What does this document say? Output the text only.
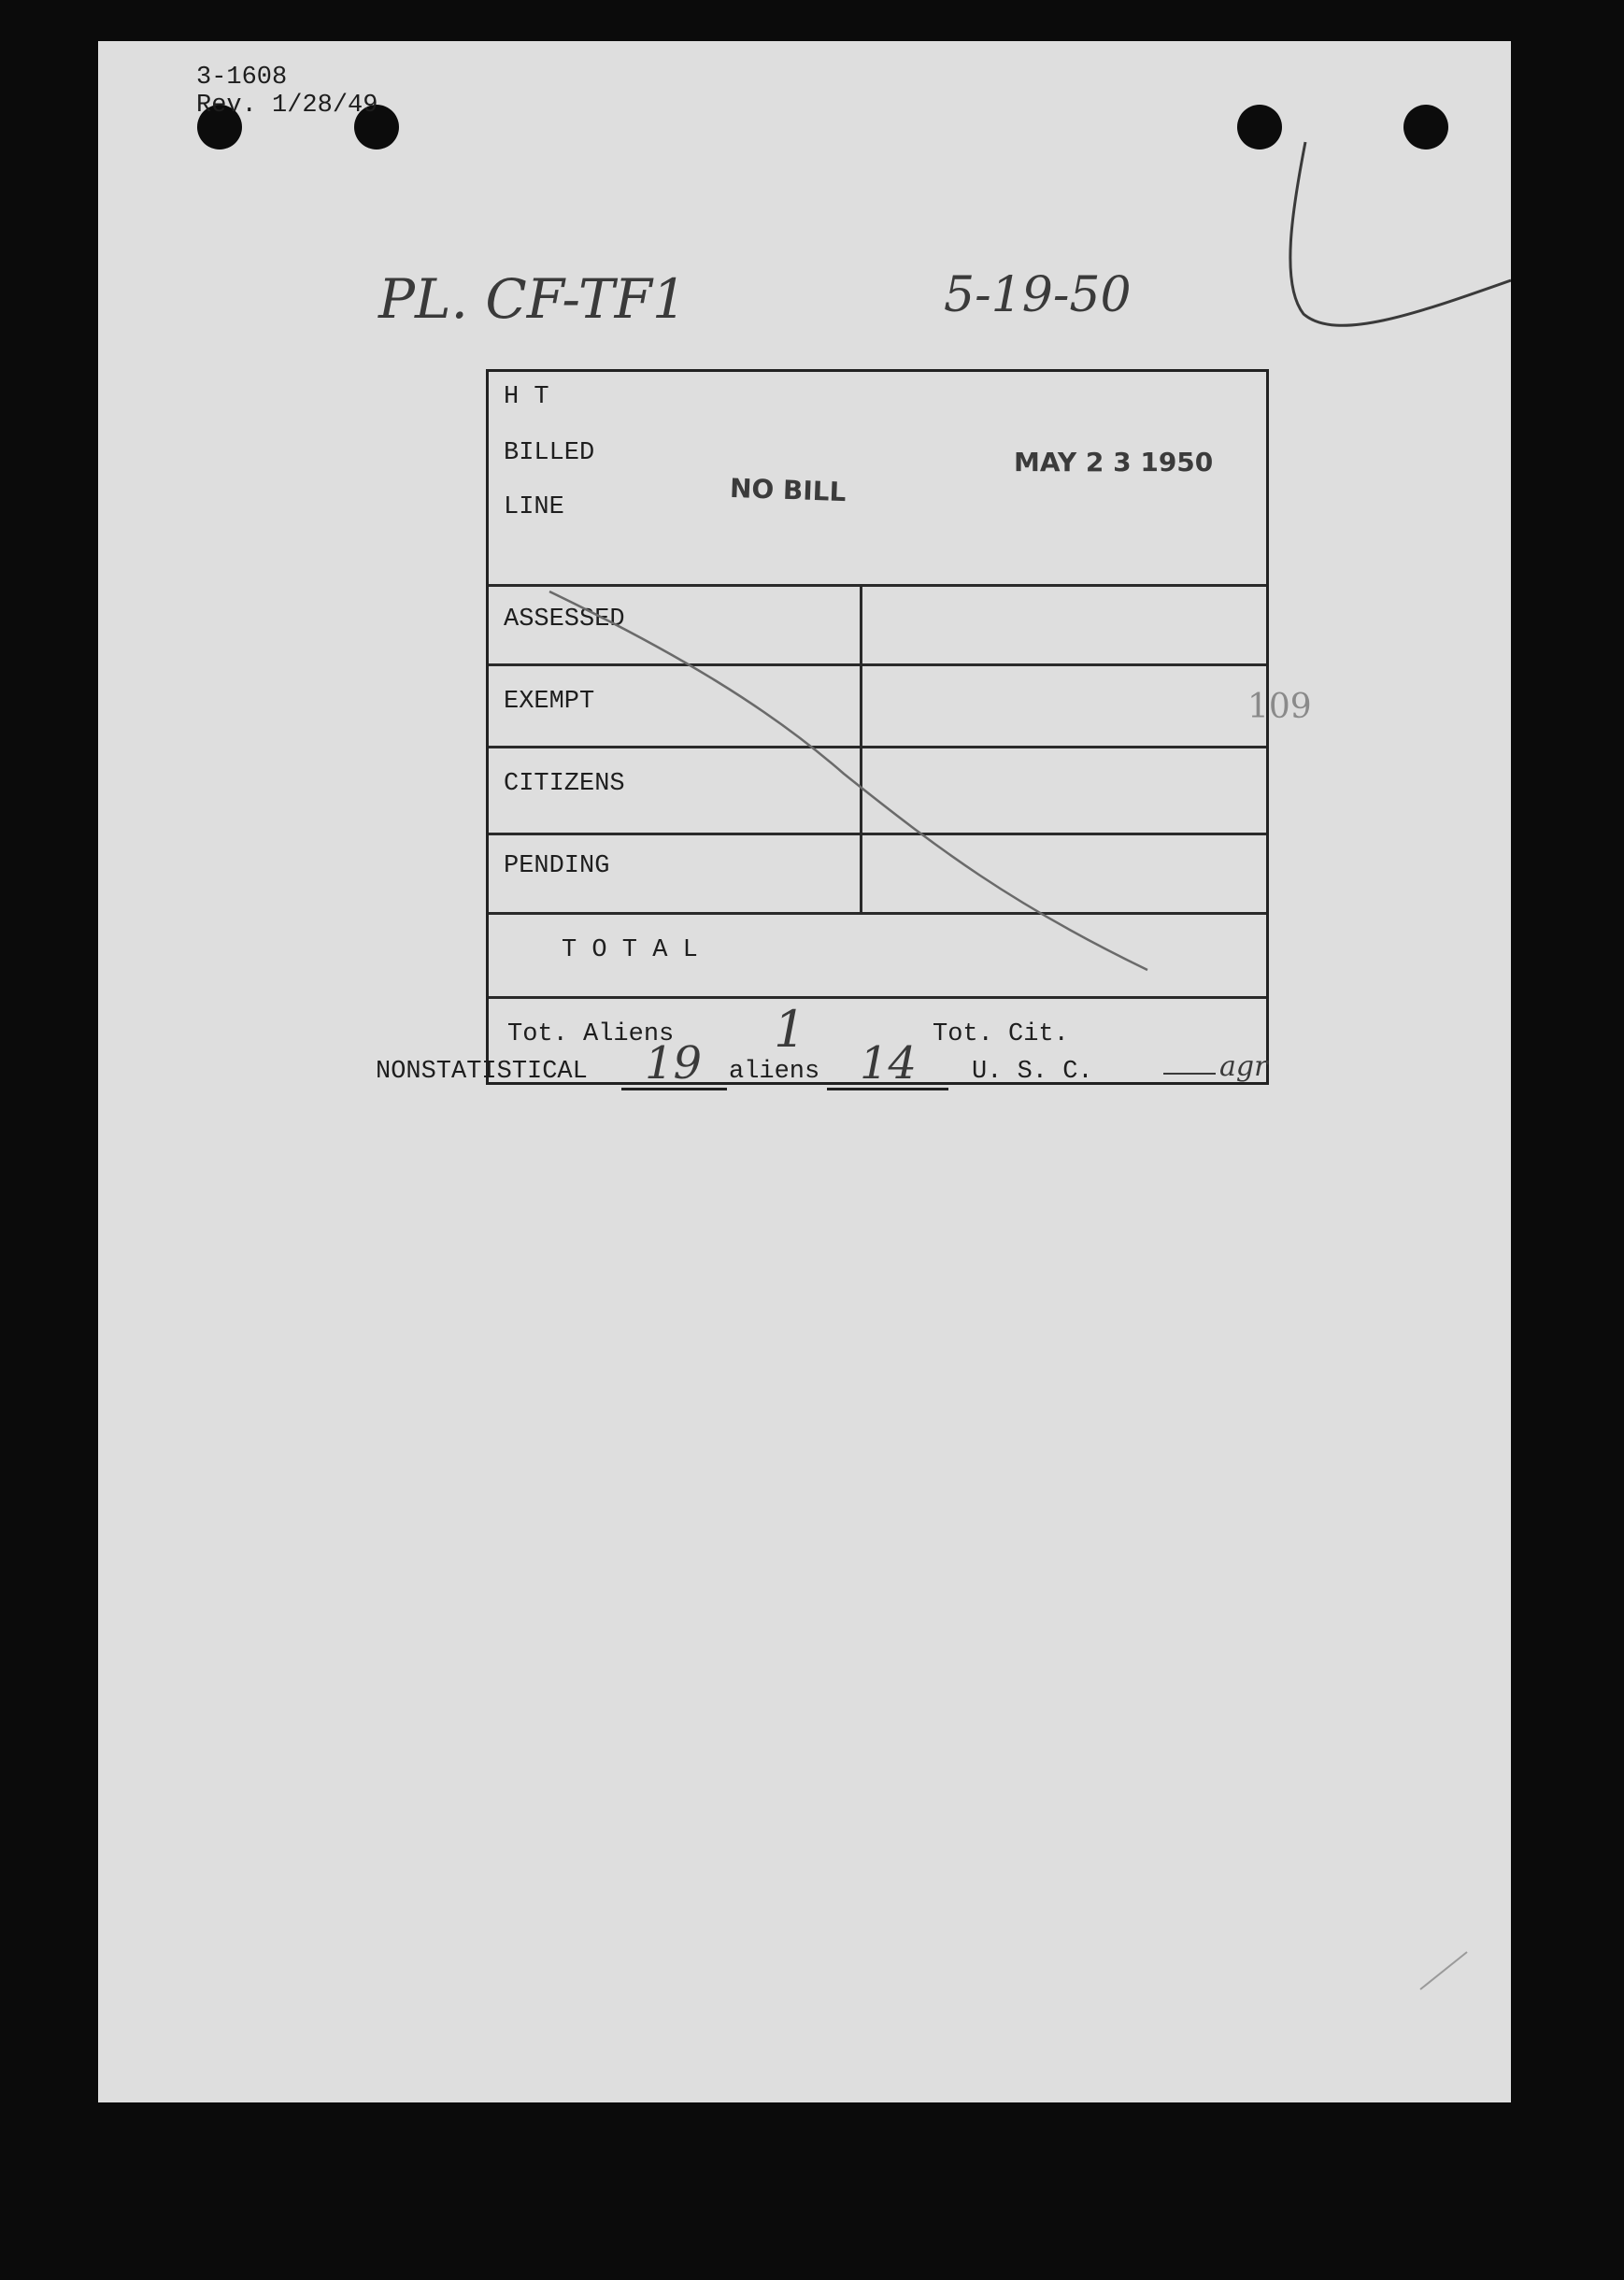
3-1608
Rev. 1/28/49
PL. CF-TF1	5-19-50
109
H T
BILLED
LINE	NO BILL
MAY 2 3 1950
ASSESSED
EXEMPT
CITIZENS
PENDING
T O T A L
Tot. Aliens 1	Tot. Cit.
NONSTATISTICAL 19 aliens 14 U. S. C.	agr
